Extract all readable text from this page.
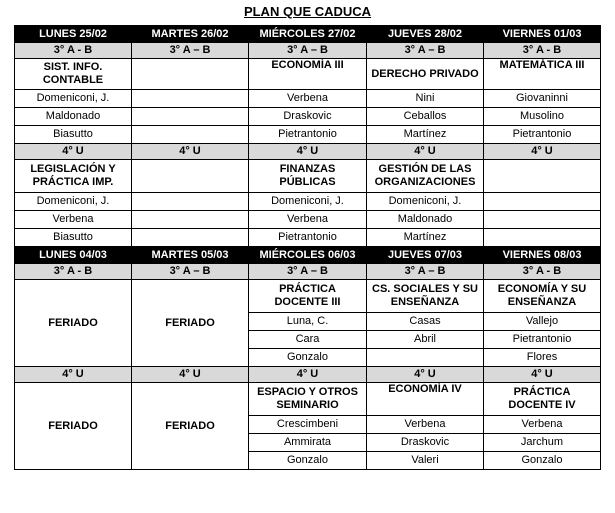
PLAN QUE CADUCA
LUNES 25/02	MARTES 26/02	MIÉRCOLES 27/02	JUEVES 28/02	VIERNES 01/03
3° A - B	3° A – B	3° A – B	3° A – B	3° A - B
SIST. INFO. CONTABLE		ECONOMÍA III	DERECHO PRIVADO	MATEMÁTICA III
Domeniconi, J.		Verbena	Nini	Giovaninni
Maldonado		Draskovic	Ceballos	Musolino
Biasutto		Pietrantonio	Martínez	Pietrantonio
4° U	4° U	4° U	4° U	4° U
LEGISLACIÓN Y PRÁCTICA IMP.		FINANZAS PÚBLICAS	GESTIÓN DE LAS ORGANIZACIONES	
Domeniconi, J.		Domeniconi, J.	Domeniconi, J.	
Verbena		Verbena	Maldonado	
Biasutto		Pietrantonio	Martínez	
LUNES 04/03	MARTES 05/03	MIÉRCOLES 06/03	JUEVES 07/03	VIERNES 08/03
3° A - B	3° A – B	3° A – B	3° A – B	3° A - B
FERIADO	FERIADO	PRÁCTICA DOCENTE III	CS. SOCIALES Y SU ENSEÑANZA	ECONOMÍA Y SU ENSEÑANZA
		Luna, C.	Casas	Vallejo
		Cara	Abril	Pietrantonio
		Gonzalo		Flores
4° U	4° U	4° U	4° U	4° U
FERIADO	FERIADO	ESPACIO Y OTROS SEMINARIO	ECONOMÍA IV	PRÁCTICA DOCENTE IV
		Crescimbeni	Verbena	Verbena
		Ammirata	Draskovic	Jarchum
		Gonzalo	Valeri	Gonzalo
